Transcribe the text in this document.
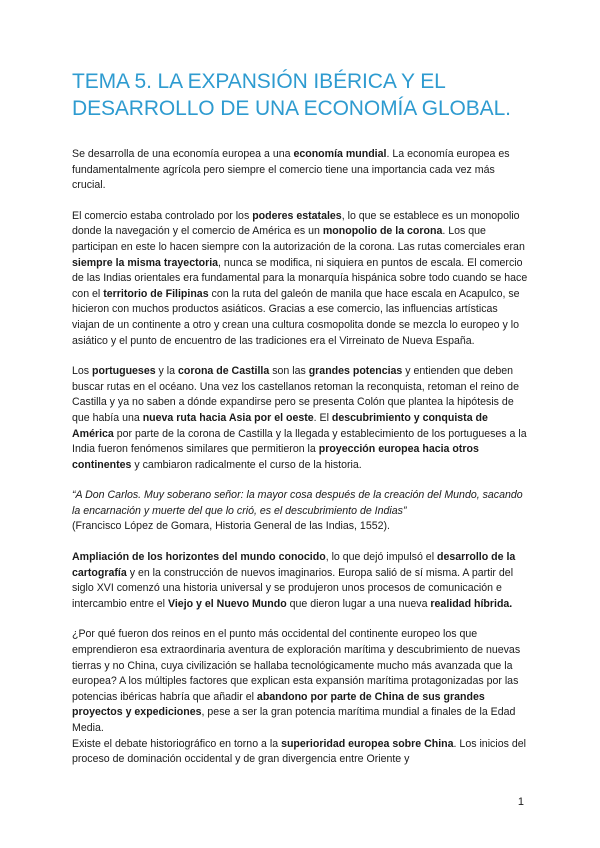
TEMA 5. LA EXPANSIÓN IBÉRICA Y EL
DESARROLLO DE UNA ECONOMÍA GLOBAL.

Se desarrolla de una economía europea a una economía mundial. La economía europea es fundamentalmente agrícola pero siempre el comercio tiene una importancia cada vez más crucial.

El comercio estaba controlado por los poderes estatales, lo que se establece es un monopolio donde la navegación y el comercio de América es un monopolio de la corona. Los que participan en este lo hacen siempre con la autorización de la corona. Las rutas comerciales eran siempre la misma trayectoria, nunca se modifica, ni siquiera en puntos de escala. El comercio de las Indias orientales era fundamental para la monarquía hispánica sobre todo cuando se hace con el territorio de Filipinas con la ruta del galeón de manila que hace escala en Acapulco, se hicieron con muchos productos asiáticos. Gracias a ese comercio, las influencias artísticas viajan de un continente a otro y crean una cultura cosmopolita donde se mezcla lo europeo y lo asiático y el punto de encuentro de las tradiciones era el Virreinato de Nueva España.

Los portugueses y la corona de Castilla son las grandes potencias y entienden que deben buscar rutas en el océano. Una vez los castellanos retoman la reconquista, retoman el reino de Castilla y ya no saben a dónde expandirse pero se presenta Colón que plantea la hipótesis de que había una nueva ruta hacia Asia por el oeste. El descubrimiento y conquista de América por parte de la corona de Castilla y la llegada y establecimiento de los portugueses a la India fueron fenómenos similares que permitieron la proyección europea hacia otros continentes y cambiaron radicalmente el curso de la historia.

“A Don Carlos. Muy soberano señor: la mayor cosa después de la creación del Mundo, sacando la encarnación y muerte del que lo crió, es el descubrimiento de Indias”
(Francisco López de Gomara, Historia General de las Indias, 1552).

Ampliación de los horizontes del mundo conocido, lo que dejó impulsó el desarrollo de la cartografía y en la construcción de nuevos imaginarios. Europa salió de sí misma. A partir del siglo XVI comenzó una historia universal y se produjeron unos procesos de comunicación e intercambio entre el Viejo y el Nuevo Mundo que dieron lugar a una nueva realidad híbrida.

¿Por qué fueron dos reinos en el punto más occidental del continente europeo los que emprendieron esa extraordinaria aventura de exploración marítima y descubrimiento de nuevas tierras y no China, cuya civilización se hallaba tecnológicamente mucho más avanzada que la europea? A los múltiples factores que explican esta expansión marítima protagonizadas por las potencias ibéricas habría que añadir el abandono por parte de China de sus grandes proyectos y expediciones, pese a ser la gran potencia marítima mundial a finales de la Edad Media.

Existe el debate historiográfico en torno a la superioridad europea sobre China. Los inicios del proceso de dominación occidental y de gran divergencia entre Oriente y

1
